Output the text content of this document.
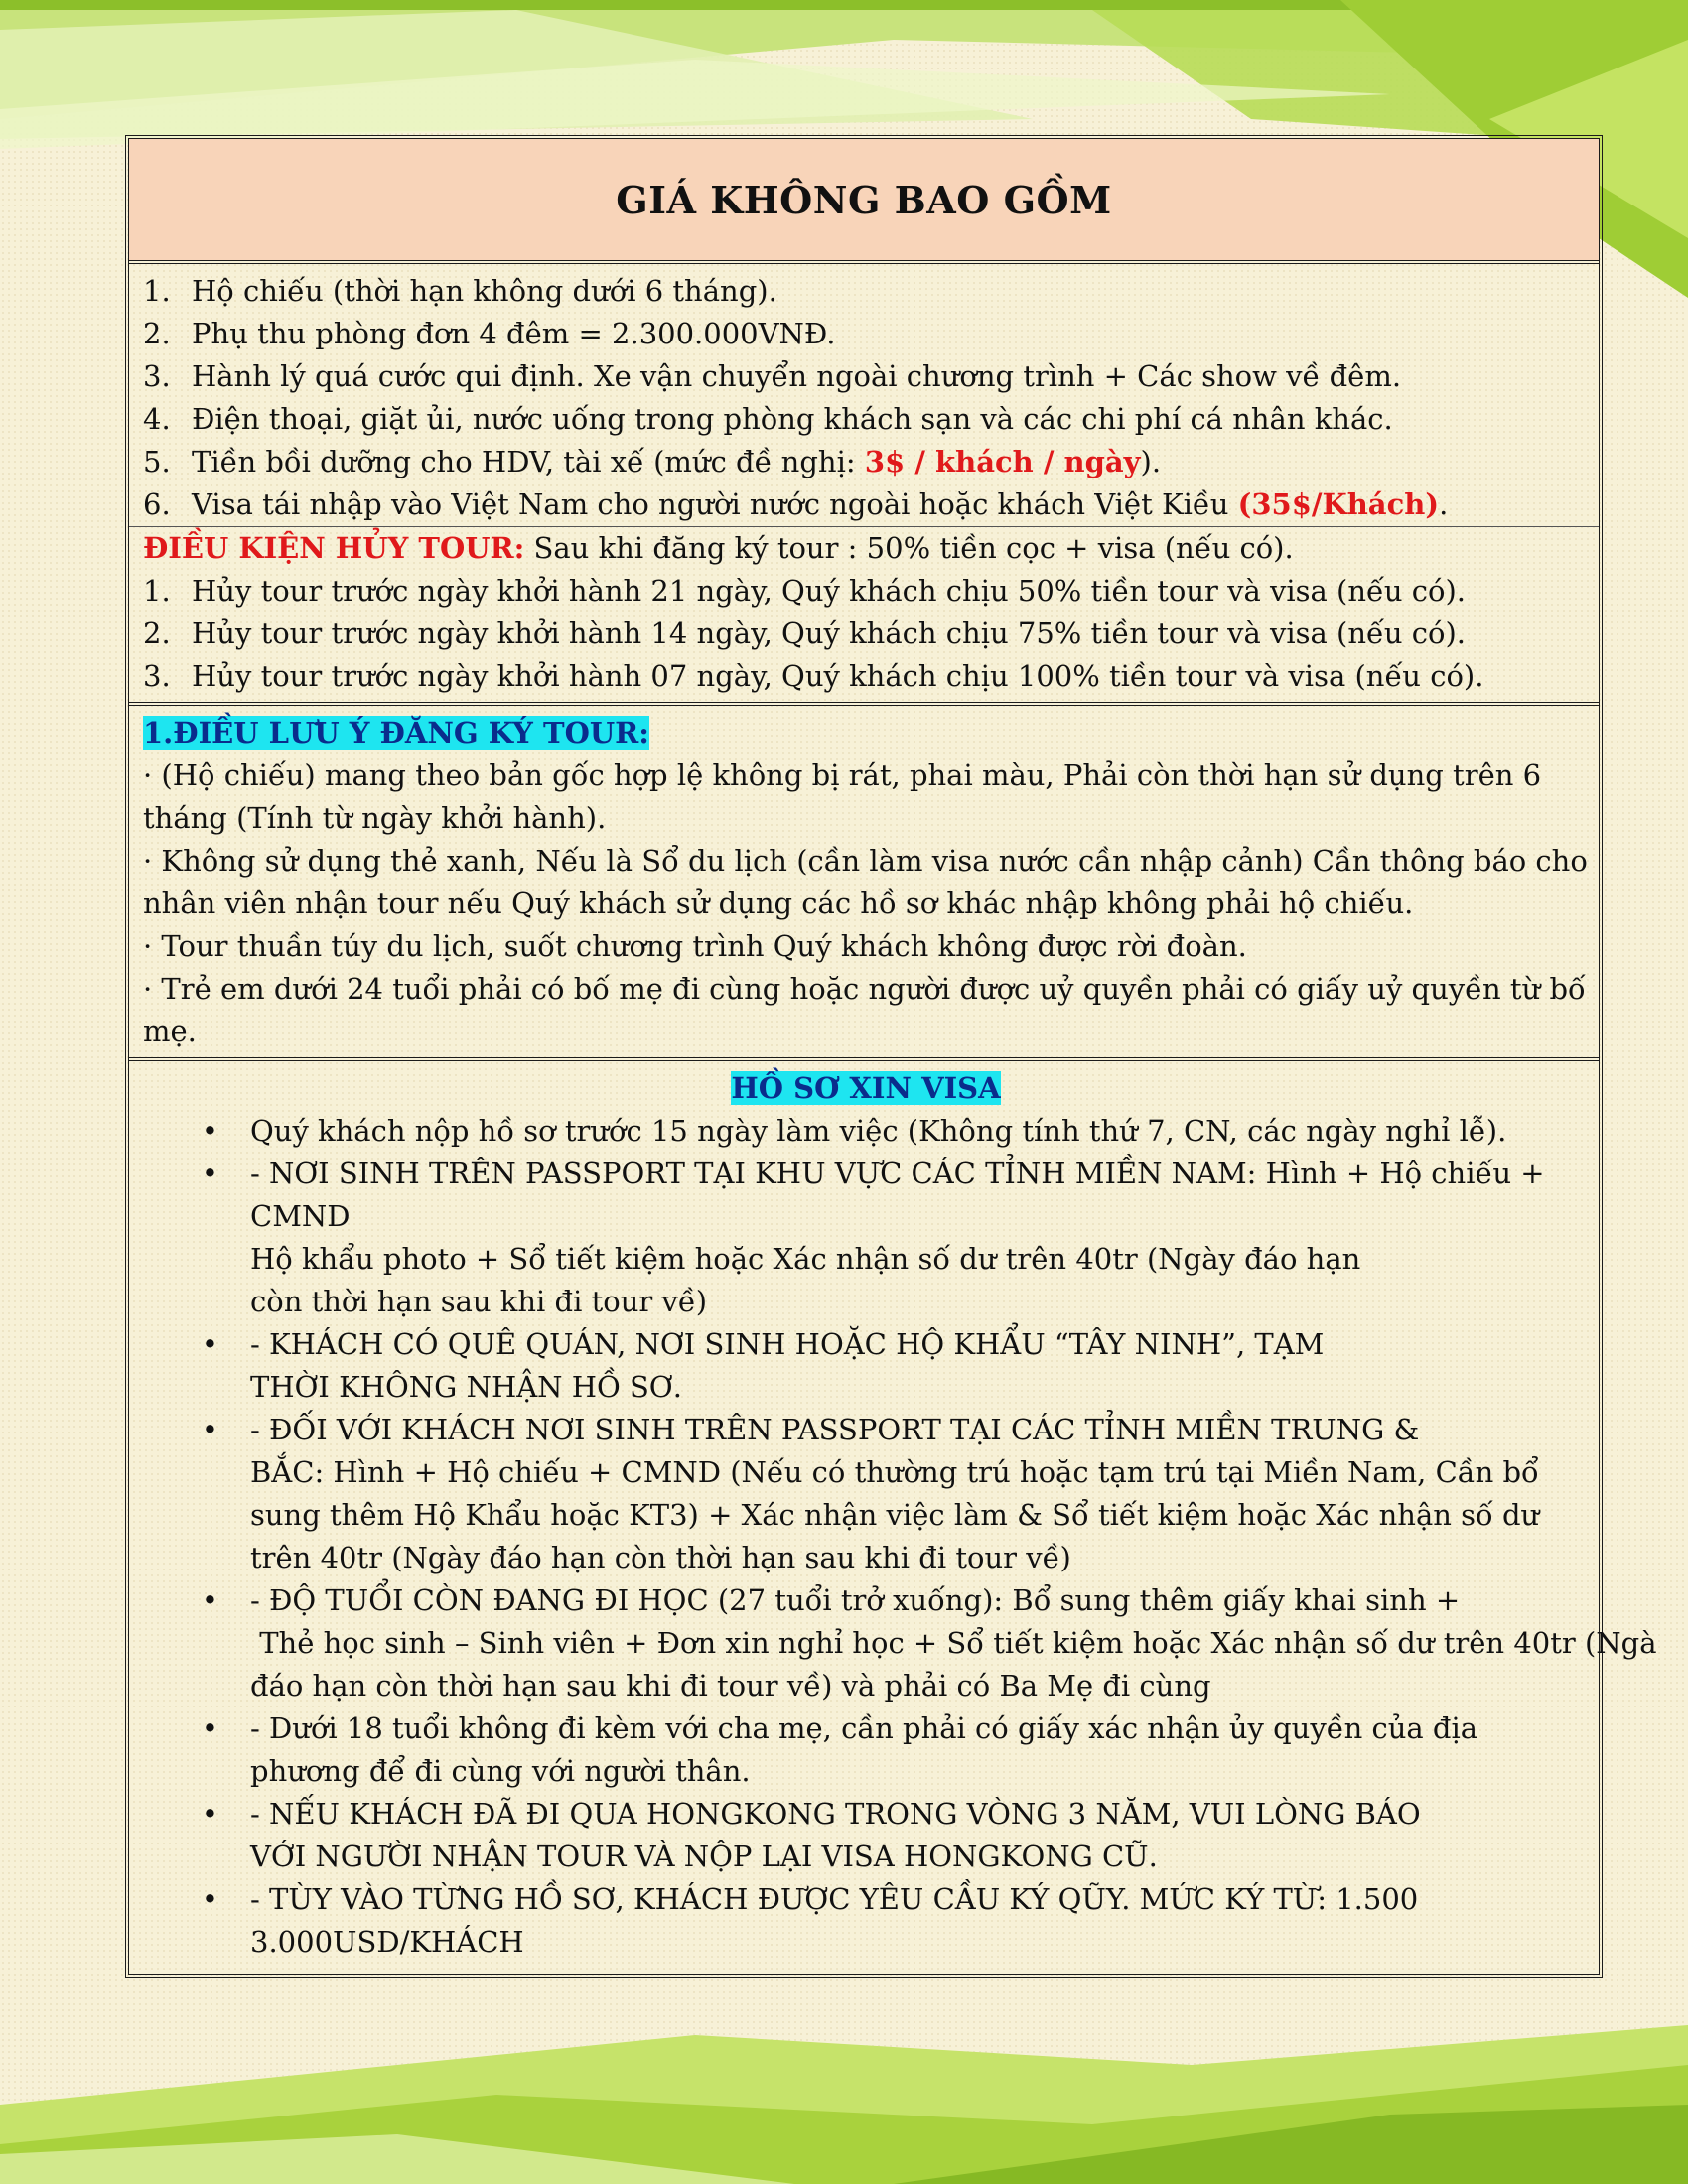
GIÁ KHÔNG BAO GỒM
1. Hộ chiếu (thời hạn không dưới 6 tháng).
2. Phụ thu phòng đơn 4 đêm = 2.300.000VNĐ.
3. Hành lý quá cước qui định. Xe vận chuyển ngoài chương trình + Các show về đêm.
4. Điện thoại, giặt ủi, nước uống trong phòng khách sạn và các chi phí cá nhân khác.
5. Tiền bồi dưỡng cho HDV, tài xế (mức đề nghị: 3$ / khách / ngày).
6. Visa tái nhập vào Việt Nam cho người nước ngoài hoặc khách Việt Kiều (35$/Khách).

ĐIỀU KIỆN HỦY TOUR: Sau khi đăng ký tour : 50% tiền cọc + visa (nếu có).

1. Hủy tour trước ngày khởi hành 21 ngày, Quý khách chịu 50% tiền tour và visa (nếu có).
2. Hủy tour trước ngày khởi hành 14 ngày, Quý khách chịu 75% tiền tour và visa (nếu có).
3. Hủy tour trước ngày khởi hành 07 ngày, Quý khách chịu 100% tiền tour và visa (nếu có).

1.ĐIỀU LƯU Ý ĐĂNG KÝ TOUR:

· (Hộ chiếu) mang theo bản gốc hợp lệ không bị rát, phai màu, Phải còn thời hạn sử dụng trên 6 tháng (Tính từ ngày khởi hành).

· Không sử dụng thẻ xanh, Nếu là Sổ du lịch (cần làm visa nước cần nhập cảnh) Cần thông báo cho nhân viên nhận tour nếu Quý khách sử dụng các hồ sơ khác nhập không phải hộ chiếu.

· Tour thuần túy du lịch, suốt chương trình Quý khách không được rời đoàn.

· Trẻ em dưới 24 tuổi phải có bố mẹ đi cùng hoặc người được uỷ quyền phải có giấy uỷ quyền từ bố mẹ.

HỒ SƠ XIN VISA

•	Quý khách nộp hồ sơ trước 15 ngày làm việc (Không tính thứ 7, CN, các ngày nghỉ lễ).
•	- NƠI SINH TRÊN PASSPORT TẠI KHU VỰC CÁC TỈNH MIỀN NAM: Hình + Hộ chiếu + CMND
Hộ khẩu photo + Sổ tiết kiệm hoặc Xác nhận số dư trên 40tr (Ngày đáo hạn
còn thời hạn sau khi đi tour về)
•	- KHÁCH CÓ QUÊ QUÁN, NƠI SINH HOẶC HỘ KHẨU “TÂY NINH”, TẠM
THỜI KHÔNG NHẬN HỒ SƠ.
•	- ĐỐI VỚI KHÁCH NƠI SINH TRÊN PASSPORT TẠI CÁC TỈNH MIỀN TRUNG &
BẮC: Hình + Hộ chiếu + CMND (Nếu có thường trú hoặc tạm trú tại Miền Nam, Cần bổ
sung thêm Hộ Khẩu hoặc KT3) + Xác nhận việc làm & Sổ tiết kiệm hoặc Xác nhận số dư
trên 40tr (Ngày đáo hạn còn thời hạn sau khi đi tour về)
•	- ĐỘ TUỔI CÒN ĐANG ĐI HỌC (27 tuổi trở xuống): Bổ sung thêm giấy khai sinh +
Thẻ học sinh – Sinh viên + Đơn xin nghỉ học + Sổ tiết kiệm hoặc Xác nhận số dư trên 40tr (Ngà
đáo hạn còn thời hạn sau khi đi tour về) và phải có Ba Mẹ đi cùng
•	- Dưới 18 tuổi không đi kèm với cha mẹ, cần phải có giấy xác nhận ủy quyền của địa
phương để đi cùng với người thân.
•	- NẾU KHÁCH ĐÃ ĐI QUA HONGKONG TRONG VÒNG 3 NĂM, VUI LÒNG BÁO
VỚI NGƯỜI NHẬN TOUR VÀ NỘP LẠI VISA HONGKONG CŨ.
•	- TÙY VÀO TỪNG HỒ SƠ, KHÁCH ĐƯỢC YÊU CẦU KÝ QŨY. MỨC KÝ TỪ: 1.500
3.000USD/KHÁCH
